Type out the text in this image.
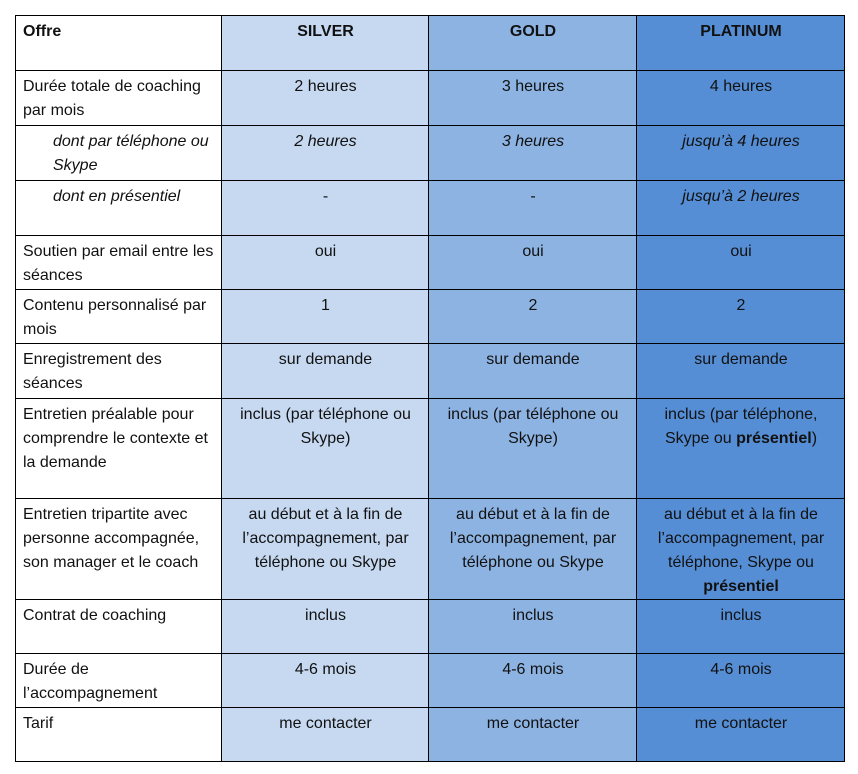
Offre	SILVER	GOLD	PLATINUM
Durée totale de coaching par mois	2 heures	3 heures	4 heures
dont par téléphone ou Skype	2 heures	3 heures	jusqu’à 4 heures
dont en présentiel	-	-	jusqu’à 2 heures
Soutien par email entre les séances	oui	oui	oui
Contenu personnalisé par mois	1	2	2
Enregistrement des séances	sur demande	sur demande	sur demande
Entretien préalable pour comprendre le contexte et la demande	inclus (par téléphone ou Skype)	inclus (par téléphone ou Skype)	inclus (par téléphone, Skype ou présentiel)
Entretien tripartite avec personne accompagnée, son manager et le coach	au début et à la fin de l’accompagnement, par téléphone ou Skype	au début et à la fin de l’accompagnement, par téléphone ou Skype	au début et à la fin de l’accompagnement, par téléphone, Skype ou présentiel
Contrat de coaching	inclus	inclus	inclus
Durée de l’accompagnement	4-6 mois	4-6 mois	4-6 mois
Tarif	me contacter	me contacter	me contacter
